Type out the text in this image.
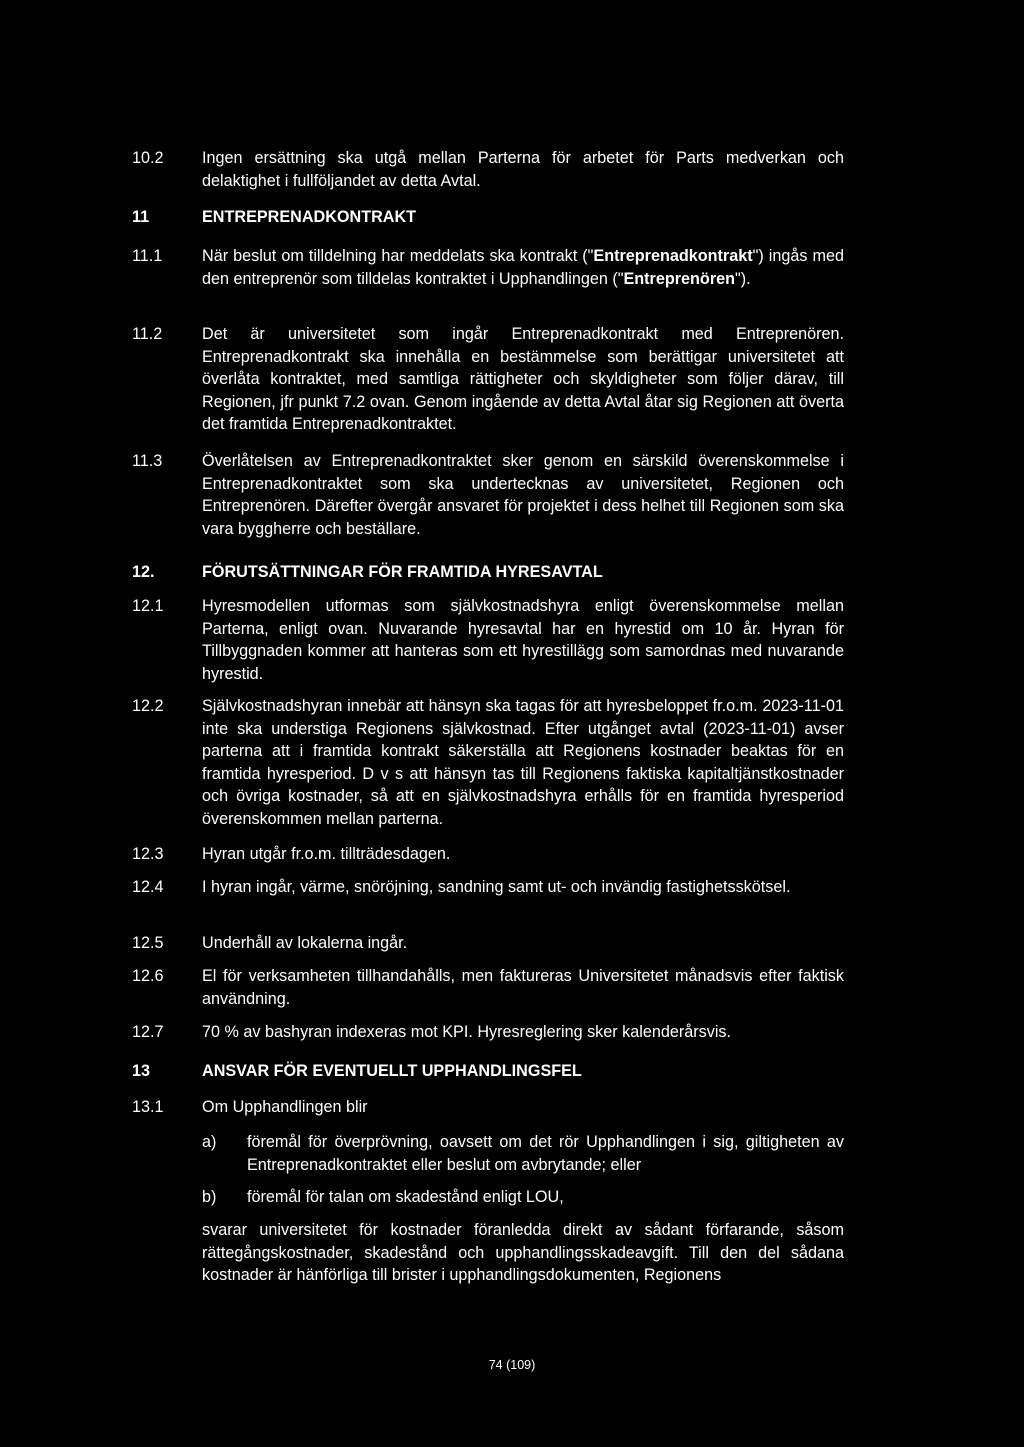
10.2	Ingen ersättning ska utgå mellan Parterna för arbetet för Parts medverkan och delaktighet i fullföljandet av detta Avtal.
11	ENTREPRENADKONTRAKT
11.1	När beslut om tilldelning har meddelats ska kontrakt ("Entreprenadkontrakt") ingås med den entreprenör som tilldelas kontraktet i Upphandlingen ("Entreprenören").
11.2	Det är universitetet som ingår Entreprenadkontrakt med Entreprenören. Entreprenadkontrakt ska innehålla en bestämmelse som berättigar universitetet att överlåta kontraktet, med samtliga rättigheter och skyldigheter som följer därav, till Regionen, jfr punkt 7.2 ovan. Genom ingående av detta Avtal åtar sig Regionen att överta det framtida Entreprenadkontraktet.
11.3	Överlåtelsen av Entreprenadkontraktet sker genom en särskild överenskommelse i Entreprenadkontraktet som ska undertecknas av universitetet, Regionen och Entreprenören. Därefter övergår ansvaret för projektet i dess helhet till Regionen som ska vara byggherre och beställare.
12.	FÖRUTSÄTTNINGAR FÖR FRAMTIDA HYRESAVTAL
12.1	Hyresmodellen utformas som självkostnadshyra enligt överenskommelse mellan Parterna, enligt ovan. Nuvarande hyresavtal har en hyrestid om 10 år. Hyran för Tillbyggnaden kommer att hanteras som ett hyrestillägg som samordnas med nuvarande hyrestid.
12.2	Självkostnadshyran innebär att hänsyn ska tagas för att hyresbeloppet fr.o.m. 2023-11-01 inte ska understiga Regionens självkostnad. Efter utgånget avtal (2023-11-01) avser parterna att i framtida kontrakt säkerställa att Regionens kostnader beaktas för en framtida hyresperiod. D v s att hänsyn tas till Regionens faktiska kapitaltjänstkostnader och övriga kostnader, så att en självkostnadshyra erhålls för en framtida hyresperiod överenskommen mellan parterna.
12.3	Hyran utgår fr.o.m. tillträdesdagen.
12.4	I hyran ingår, värme, snöröjning, sandning samt ut- och invändig fastighetsskötsel.
12.5	Underhåll av lokalerna ingår.
12.6	El för verksamheten tillhandahålls, men faktureras Universitetet månadsvis efter faktisk användning.
12.7	70 % av bashyran indexeras mot KPI. Hyresreglering sker kalenderårsvis.
13	ANSVAR FÖR EVENTUELLT UPPHANDLINGSFEL
13.1	Om Upphandlingen blir
a)	föremål för överprövning, oavsett om det rör Upphandlingen i sig, giltigheten av Entreprenadkontraktet eller beslut om avbrytande; eller
b)	föremål för talan om skadestånd enligt LOU,
svarar universitetet för kostnader föranledda direkt av sådant förfarande, såsom rättegångskostnader, skadestånd och upphandlingsskadeavgift. Till den del sådana kostnader är hänförliga till brister i upphandlingsdokumenten, Regionens
74 (109)
